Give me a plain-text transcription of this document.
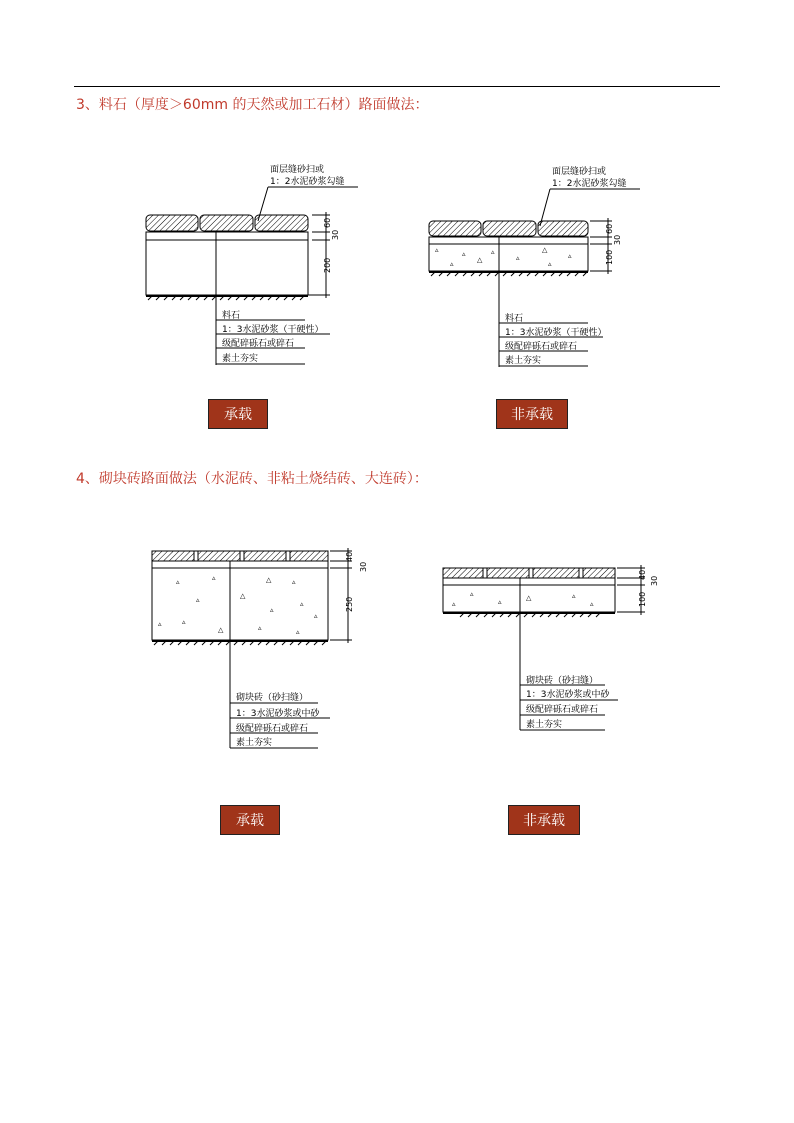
3、料石（厚度＞60mm 的天然或加工石材）路面做法：
4、砌块砖路面做法（水泥砖、非粘土烧结砖、大连砖）：
面层缝砂扫或
1：2水泥砂浆勾缝
60
30
200
料石
1：3水泥砂浆（干硬性）
级配碎砾石或碎石
素土夯实
▵	▵
△
▵
▵
△
▵
▵
▵
面层缝砂扫或
1：2水泥砂浆勾缝
60
30
100
料石
1：3水泥砂浆（干硬性）
级配碎砾石或碎石
素土夯实
▵	▵	△	▵
▵	△
▵
▵
▵	▵
△	▵	▵
▵
40
30
250
砌块砖（砂扫缝）
1：3水泥砂浆或中砂
级配碎砾石或碎石
素土夯实
▵	▵	△	▵
▵
▵
40
30
100
砌块砖（砂扫缝）
1：3水泥砂浆或中砂
级配碎砾石或碎石
素土夯实
承载	非承载
承载	非承载
